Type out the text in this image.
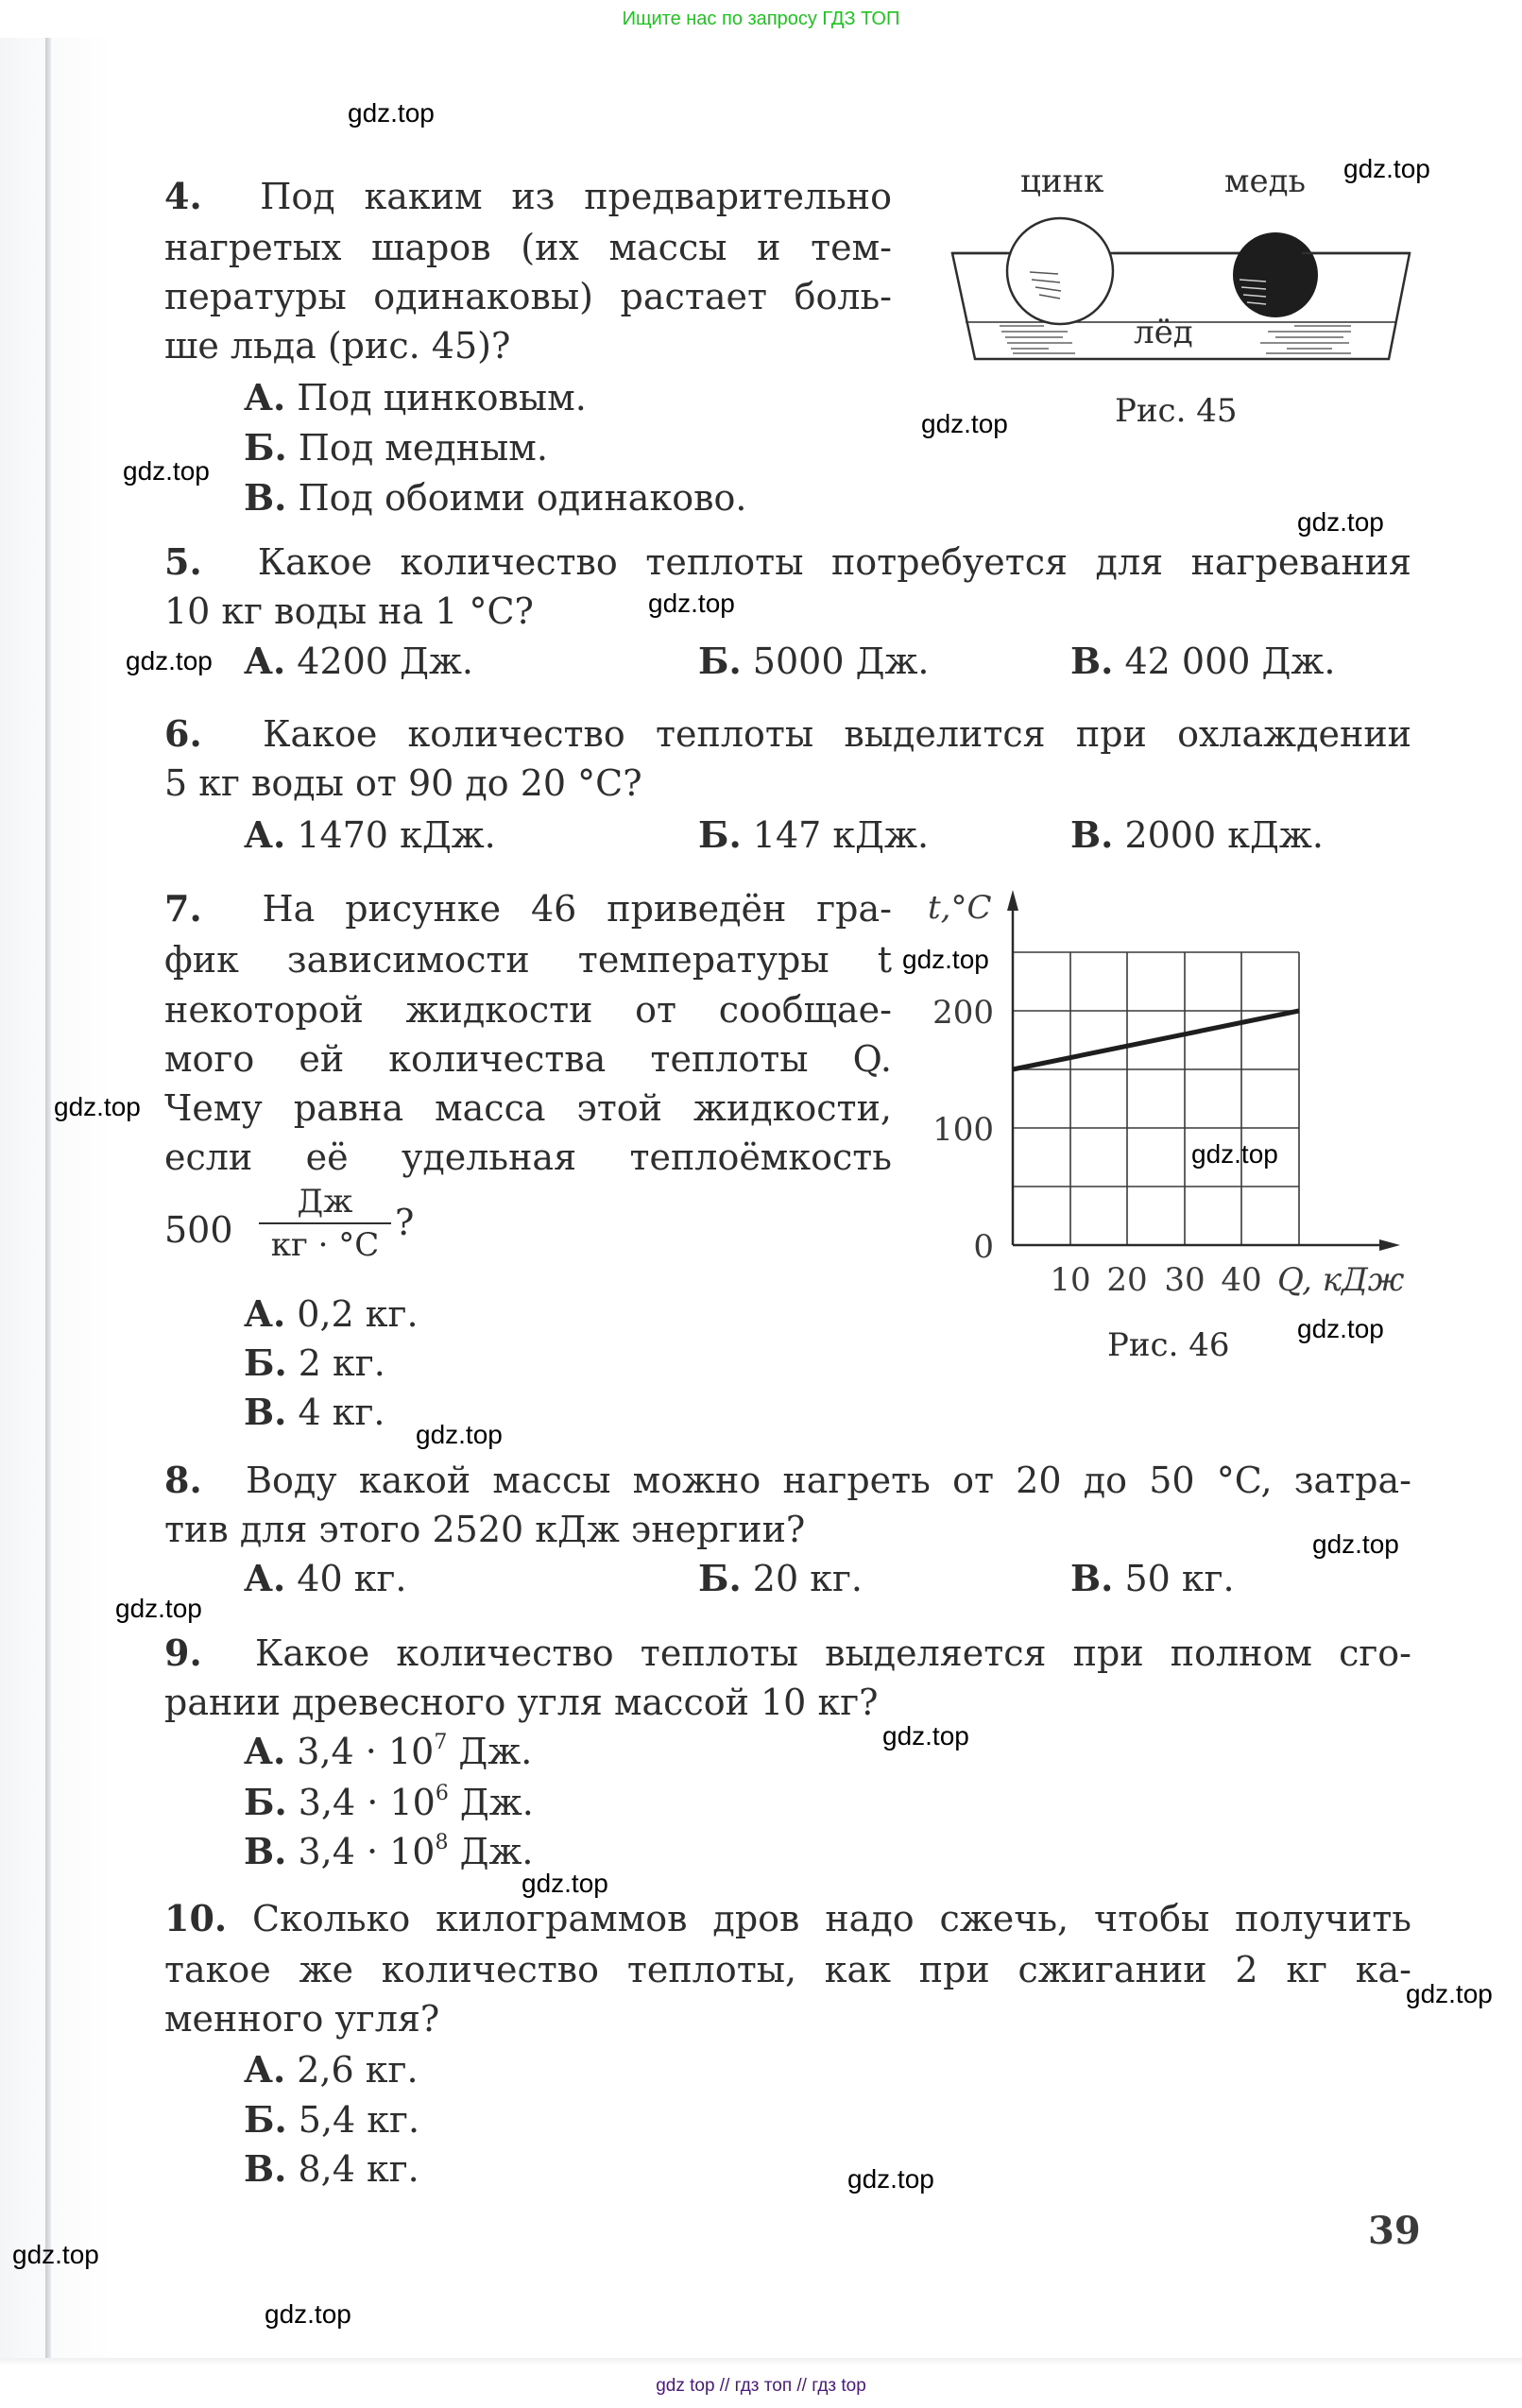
Ищите нас по запросу ГДЗ ТОП
4. Под каким из предварительно
нагретых шаров (их массы и тем-
пературы одинаковы) растает боль-
ше льда (рис. 45)?
А. Под цинковым.
Б. Под медным.
В. Под обоими одинаково.
цинк	медь
лёд
Рис. 45
5. Какое количество теплоты потребуется для нагревания
10 кг воды на 1 °C?
А. 4200 Дж.	Б. 5000 Дж.	В. 42 000 Дж.
6. Какое количество теплоты выделится при охлаждении
5 кг воды от 90 до 20 °C?
А. 1470 кДж.	Б. 147 кДж.	В. 2000 кДж.
7. На рисунке 46 приведён гра-
фик зависимости температуры t
некоторой жидкости от сообщае-
мого ей количества теплоты Q.
Чему равна масса этой жидкости,
если её удельная теплоёмкость
500
Дж
кг · °C
?
А. 0,2 кг.
Б. 2 кг.
В. 4 кг.
200
100
0
10 20 30 40 Q, кДж
t,°C
Рис. 46
8. Воду какой массы можно нагреть от 20 до 50 °C, затра-
тив для этого 2520 кДж энергии?
А. 40 кг.	Б. 20 кг.	В. 50 кг.
9. Какое количество теплоты выделяется при полном сго-
рании древесного угля массой 10 кг?
А. $3,4 \cdot 10^7$ Дж.
Б. $3,4 \cdot 10^6$ Дж.
В. $3,4 \cdot 10^8$ Дж.
10. Сколько килограммов дров надо сжечь, чтобы получить
такое же количество теплоты, как при сжигании 2 кг ка-
менного угля?
А. 2,6 кг.
Б. 5,4 кг.
В. 8,4 кг.
39
gdz.top
gdz.top
gdz.top
gdz.top
gdz.top
gdz.top
gdz.top
gdz.top
gdz.top
gdz.top
gdz.top
gdz.top
gdz.top
gdz.top
gdz.top
gdz.top
gdz.top
gdz.top
gdz.top
gdz.top
gdz top // гдз топ // гдз top
